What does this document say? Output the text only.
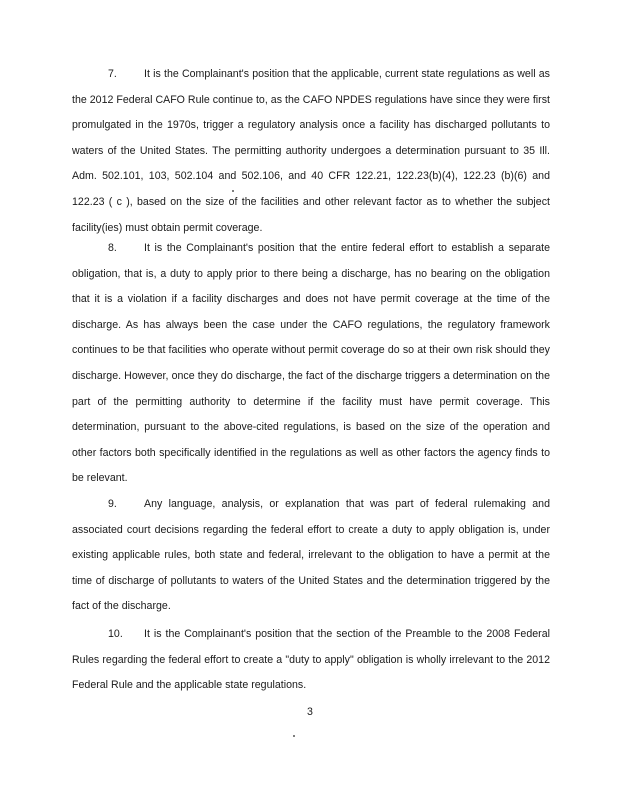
7.	It is the Complainant's position that the applicable, current state regulations as well as the 2012 Federal CAFO Rule continue to, as the CAFO NPDES regulations have since they were first promulgated in the 1970s, trigger a regulatory analysis once a facility has discharged pollutants to waters of the United States. The permitting authority undergoes a determination pursuant to 35 Ill. Adm. 502.101, 103, 502.104 and 502.106, and 40 CFR 122.21, 122.23(b)(4), 122.23 (b)(6) and 122.23 ( c ), based on the size of the facilities and other relevant factor as to whether the subject facility(ies) must obtain permit coverage.

8.	It is the Complainant's position that the entire federal effort to establish a separate obligation, that is, a duty to apply prior to there being a discharge, has no bearing on the obligation that it is a violation if a facility discharges and does not have permit coverage at the time of the discharge. As has always been the case under the CAFO regulations, the regulatory framework continues to be that facilities who operate without permit coverage do so at their own risk should they discharge. However, once they do discharge, the fact of the discharge triggers a determination on the part of the permitting authority to determine if the facility must have permit coverage. This determination, pursuant to the above-cited regulations, is based on the size of the operation and other factors both specifically identified in the regulations as well as other factors the agency finds to be relevant.

9.	Any language, analysis, or explanation that was part of federal rulemaking and associated court decisions regarding the federal effort to create a duty to apply obligation is, under existing applicable rules, both state and federal, irrelevant to the obligation to have a permit at the time of discharge of pollutants to waters of the United States and the determination triggered by the fact of the discharge.

10. It is the Complainant's position that the section of the Preamble to the 2008 Federal Rules regarding the federal effort to create a "duty to apply" obligation is wholly irrelevant to the 2012 Federal Rule and the applicable state regulations.

3
